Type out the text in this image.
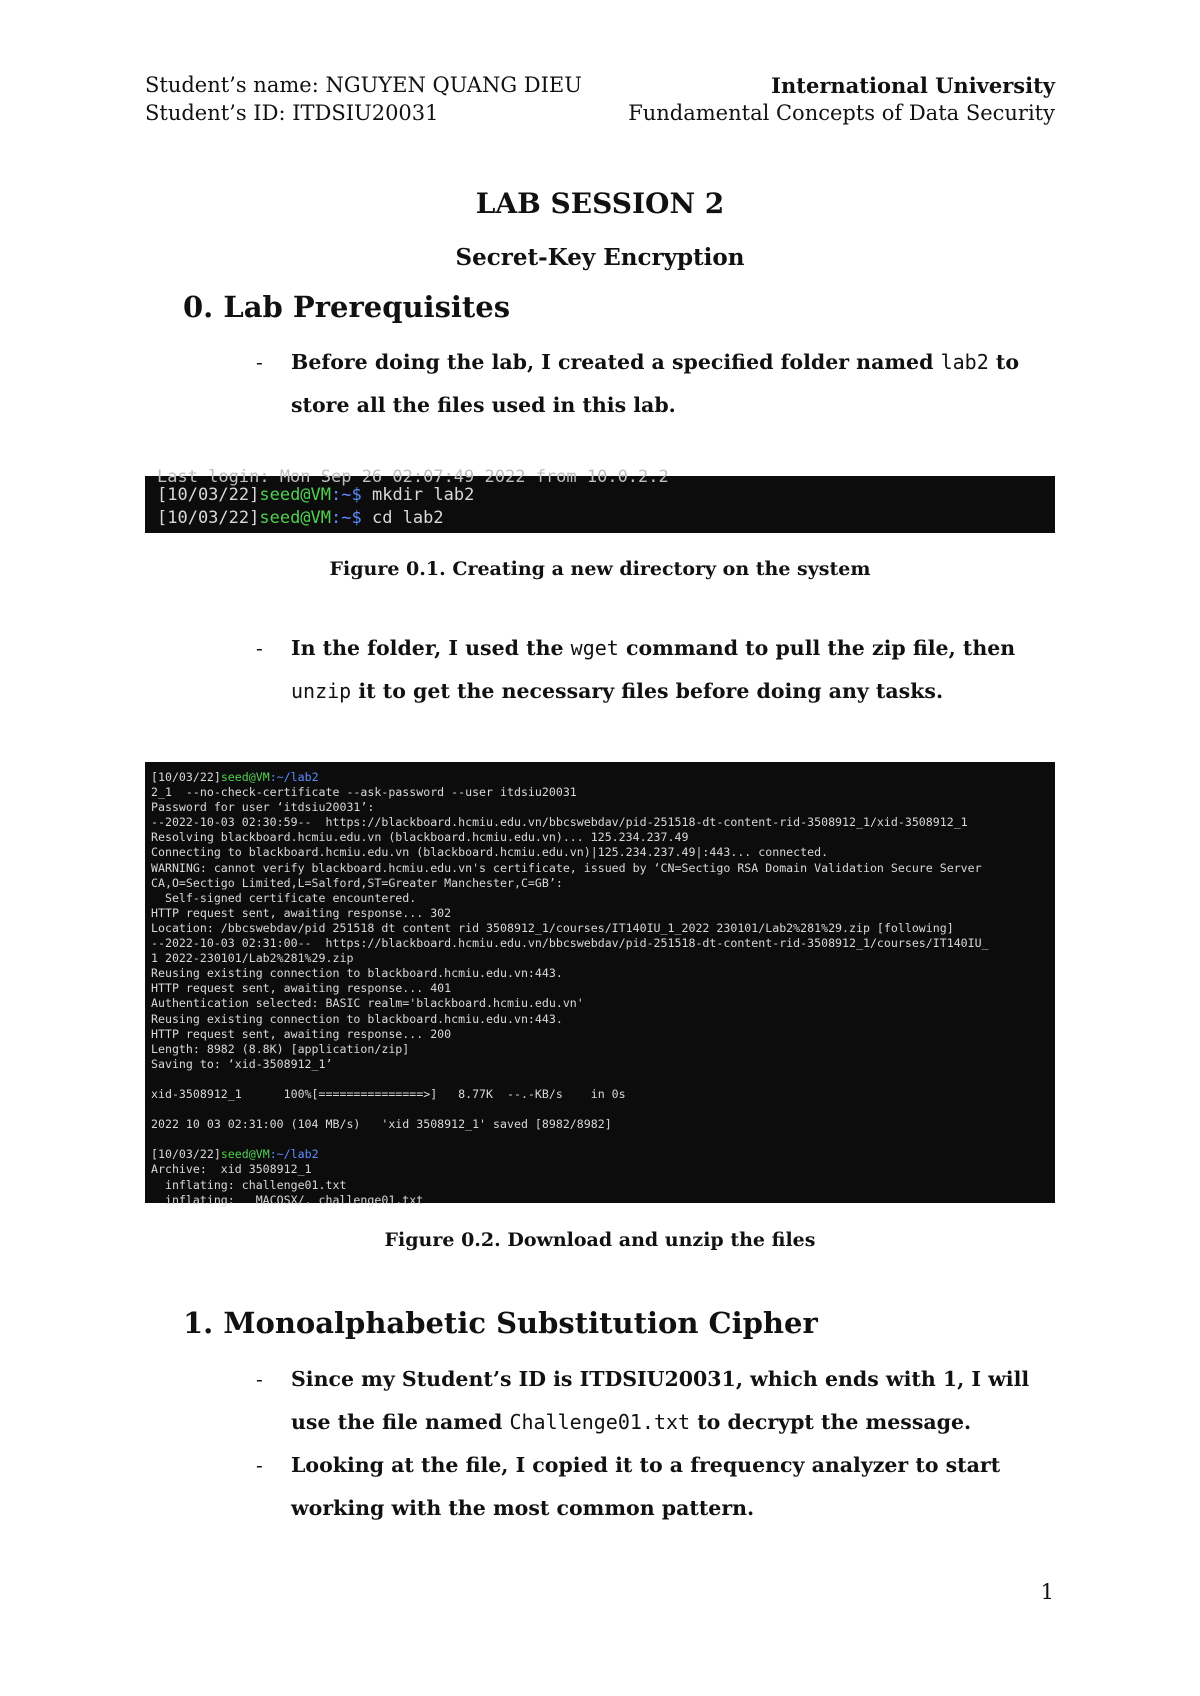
Student’s name: NGUYEN QUANG DIEU
Student’s ID: ITDSIU20031
International University
Fundamental Concepts of Data Security
LAB SESSION 2
Secret-Key Encryption
0. Lab Prerequisites
- Before doing the lab, I created a specified folder named lab2 to store all the files used in this lab.
Last login: Mon Sep 26 02:07:49 2022 from 10.0.2.2
[10/03/22]seed@VM:~$ mkdir lab2
[10/03/22]seed@VM:~$ cd lab2
Figure 0.1. Creating a new directory on the system
- In the folder, I used the wget command to pull the zip file, then unzip it to get the necessary files before doing any tasks.
[10/03/22]seed@VM:~/lab2
2_1  --no-check-certificate --ask-password --user itdsiu20031
Password for user ‘itdsiu20031’:
--2022-10-03 02:30:59--  https://blackboard.hcmiu.edu.vn/bbcswebdav/pid-251518-dt-content-rid-3508912_1/xid-3508912_1
Resolving blackboard.hcmiu.edu.vn (blackboard.hcmiu.edu.vn)... 125.234.237.49
Connecting to blackboard.hcmiu.edu.vn (blackboard.hcmiu.edu.vn)|125.234.237.49|:443... connected.
WARNING: cannot verify blackboard.hcmiu.edu.vn's certificate, issued by ‘CN=Sectigo RSA Domain Validation Secure Server
CA,O=Sectigo Limited,L=Salford,ST=Greater Manchester,C=GB’:
Self-signed certificate encountered.
HTTP request sent, awaiting response... 302
Location: /bbcswebdav/pid 251518 dt content rid 3508912_1/courses/IT140IU_1_2022 230101/Lab2%281%29.zip [following]
--2022-10-03 02:31:00--  https://blackboard.hcmiu.edu.vn/bbcswebdav/pid-251518-dt-content-rid-3508912_1/courses/IT140IU_
1 2022-230101/Lab2%281%29.zip
Reusing existing connection to blackboard.hcmiu.edu.vn:443.
HTTP request sent, awaiting response... 401
Authentication selected: BASIC realm='blackboard.hcmiu.edu.vn'
Reusing existing connection to blackboard.hcmiu.edu.vn:443.
HTTP request sent, awaiting response... 200
Length: 8982 (8.8K) [application/zip]
Saving to: ‘xid-3508912_1’

xid-3508912_1      100%[===============>]   8.77K  --.-KB/s    in 0s

2022 10 03 02:31:00 (104 MB/s)   'xid 3508912_1' saved [8982/8982]

[10/03/22]seed@VM:~/lab2
Archive:  xid 3508912_1
inflating: challenge01.txt
inflating:   MACOSX/. challenge01.txt
Figure 0.2. Download and unzip the files
1. Monoalphabetic Substitution Cipher
- Since my Student’s ID is ITDSIU20031, which ends with 1, I will use the file named Challenge01.txt to decrypt the message.
- Looking at the file, I copied it to a frequency analyzer to start working with the most common pattern.
1
